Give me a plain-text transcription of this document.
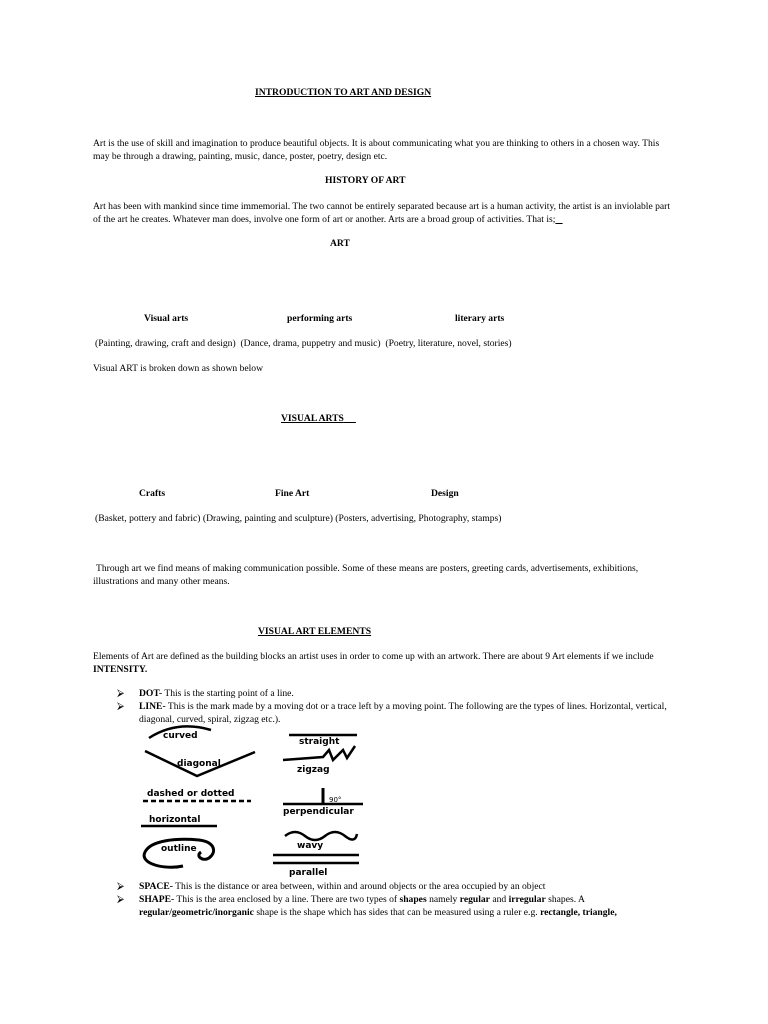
INTRODUCTION TO ART AND DESIGN
Art is the use of skill and imagination to produce beautiful objects. It is about communicating what you are thinking to others in a chosen way. This may be through a drawing, painting, music, dance, poster, poetry, design etc.
HISTORY OF ART
Art has been with mankind since time immemorial. The two cannot be entirely separated because art is a human activity, the artist is an inviolable part of the art he creates. Whatever man does, involve one form of art or another. Arts are a broad group of activities. That is;
ART
Visual arts	performing arts	literary arts
(Painting, drawing, craft and design)  (Dance, drama, puppetry and music)  (Poetry, literature, novel, stories)
Visual ART is broken down as shown below
VISUAL ARTS
Crafts	Fine Art	Design
(Basket, pottery and fabric) (Drawing, painting and sculpture) (Posters, advertising, Photography, stamps)
Through art we find means of making communication possible. Some of these means are posters, greeting cards, advertisements, exhibitions, illustrations and many other means.
VISUAL ART ELEMENTS
Elements of Art are defined as the building blocks an artist uses in order to come up with an artwork. There are about 9 Art elements if we include INTENSITY.
⮚ DOT- This is the starting point of a line.
⮚ LINE- This is the mark made by a moving dot or a trace left by a moving point. The following are the types of lines. Horizontal, vertical, diagonal, curved, spiral, zigzag etc.).
curved
straight
diagonal
zigzag
dashed or dotted
90°
perpendicular
horizontal
outline	wavy
parallel
⮚ SPACE- This is the distance or area between, within and around objects or the area occupied by an object
⮚ SHAPE- This is the area enclosed by a line. There are two types of shapes namely regular and irregular shapes. A regular/geometric/inorganic shape is the shape which has sides that can be measured using a ruler e.g. rectangle, triangle,
